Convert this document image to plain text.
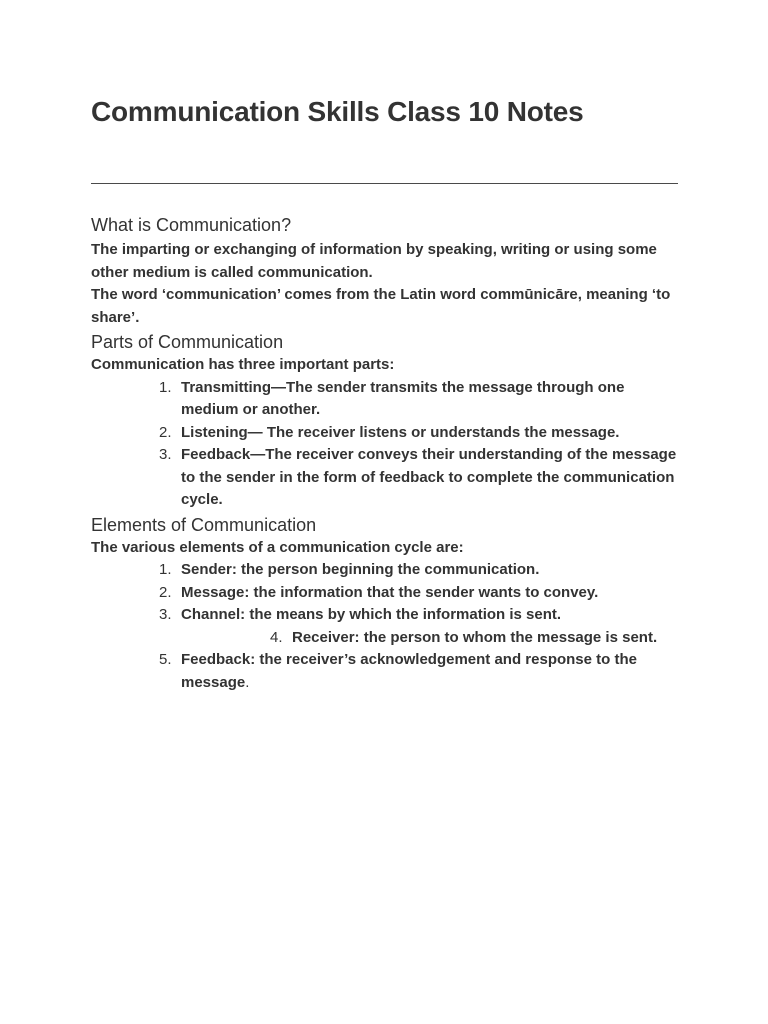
Communication Skills Class 10 Notes
What is Communication?

The imparting or exchanging of information by speaking, writing or using some other medium is called communication.

The word ‘communication’ comes from the Latin word commūnicāre, meaning ‘to share’.

Parts of Communication

Communication has three important parts:

1. Transmitting—The sender transmits the message through one medium or another.
2. Listening— The receiver listens or understands the message.
3. Feedback—The receiver conveys their understanding of the message to the sender in the form of feedback to complete the communication cycle.
Elements of Communication

The various elements of a communication cycle are:

1. Sender: the person beginning the communication.
2. Message: the information that the sender wants to convey.
3. Channel: the means by which the information is sent.
4. Receiver: the person to whom the message is sent.
5. Feedback: the receiver’s acknowledgement and response to the message.
